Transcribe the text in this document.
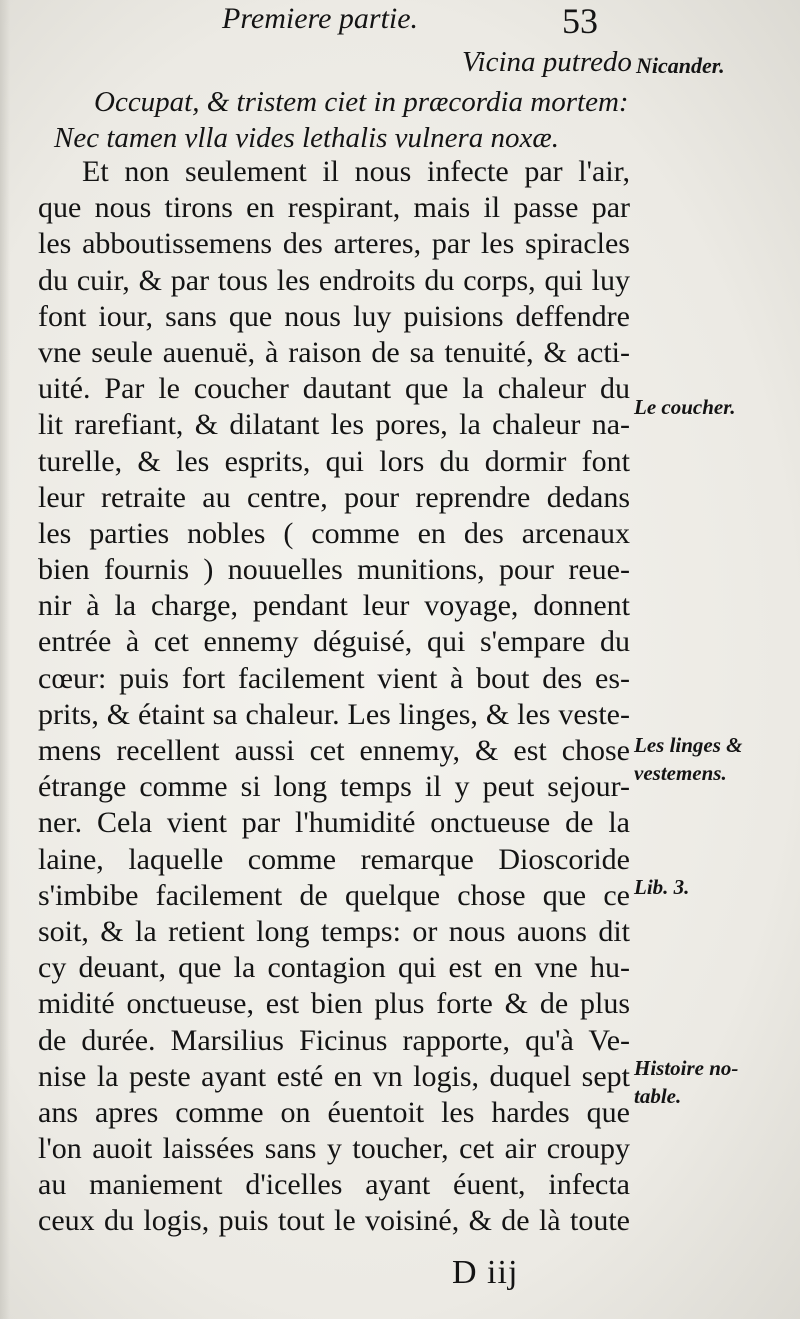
Premiere partie.	53
Vicina putredo
Occupat, & tristem ciet in præcordia mortem:
Nec tamen vlla vides lethalis vulnera noxæ.
Nicander.
Et non seulement il nous infecte par l'air,
que nous tirons en respirant, mais il passe par
les abboutissemens des arteres, par les spiracles
du cuir, & par tous les endroits du corps, qui luy
font iour, sans que nous luy puisions deffendre
vne seule auenuë, à raison de sa tenuité, & acti-
uité. Par le coucher dautant que la chaleur du
lit rarefiant, & dilatant les pores, la chaleur na-
turelle, & les esprits, qui lors du dormir font
leur retraite au centre, pour reprendre dedans
les parties nobles ( comme en des arcenaux
bien fournis ) nouuelles munitions, pour reue-
nir à la charge, pendant leur voyage, donnent
entrée à cet ennemy déguisé, qui s'empare du
cœur: puis fort facilement vient à bout des es-
prits, & étaint sa chaleur. Les linges, & les veste-
mens recellent aussi cet ennemy, & est chose
étrange comme si long temps il y peut sejour-
ner. Cela vient par l'humidité onctueuse de la
laine, laquelle comme remarque Dioscoride
s'imbibe facilement de quelque chose que ce
soit, & la retient long temps: or nous auons dit
cy deuant, que la contagion qui est en vne hu-
midité onctueuse, est bien plus forte & de plus
de durée. Marsilius Ficinus rapporte, qu'à Ve-
nise la peste ayant esté en vn logis, duquel sept
ans apres comme on éuentoit les hardes que
l'on auoit laissées sans y toucher, cet air croupy
au maniement d'icelles ayant éuent, infecta
ceux du logis, puis tout le voisiné, & de là toute
Le coucher.
Les linges &
vestemens.
Lib. 3.
Histoire no-
table.
D iij
